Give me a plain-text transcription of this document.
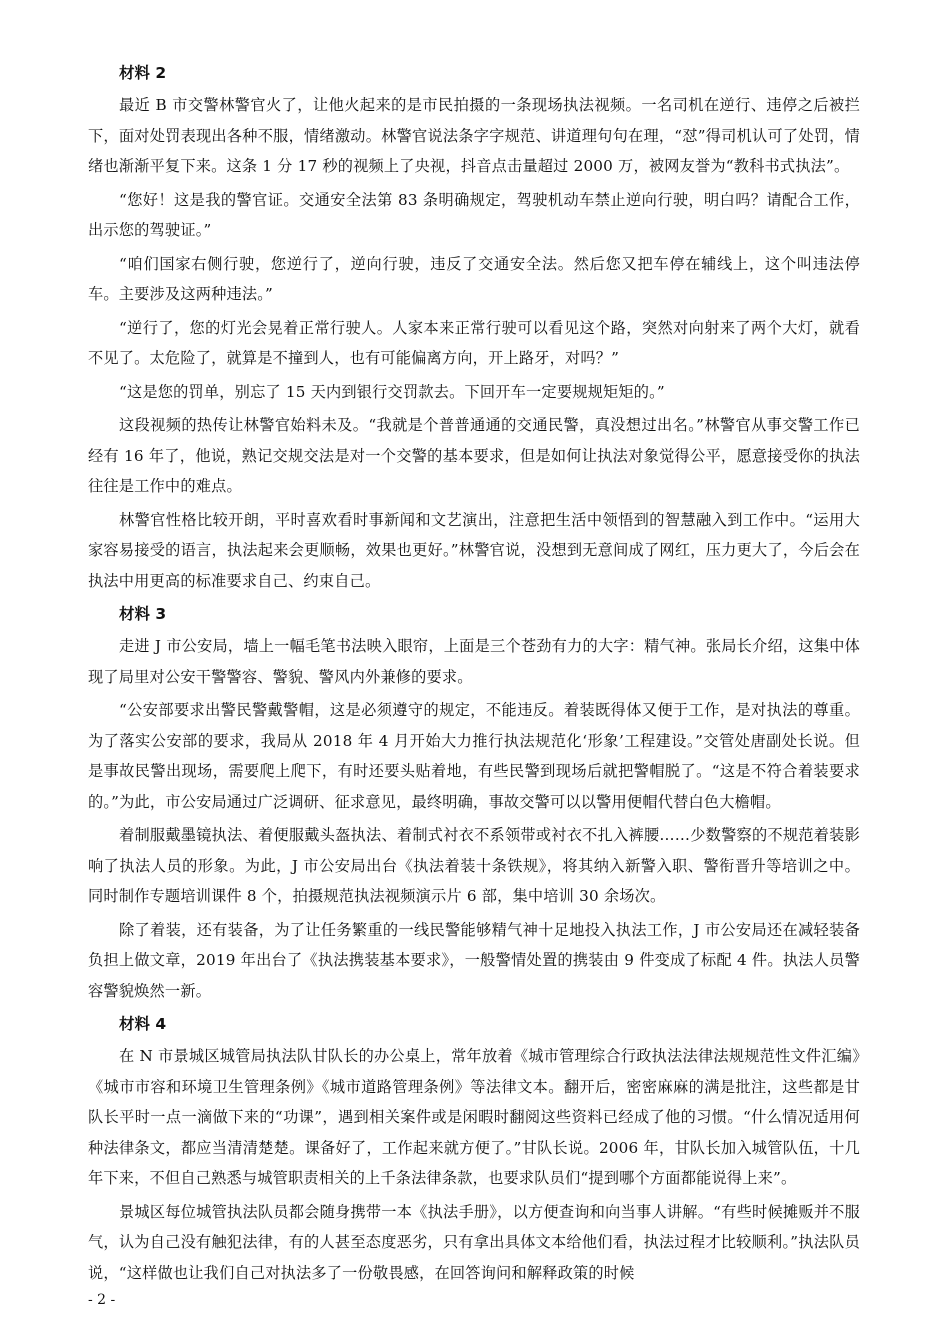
材料 2

最近 B 市交警林警官火了，让他火起来的是市民拍摄的一条现场执法视频。一名司机在逆行、违停之后被拦下，面对处罚表现出各种不服，情绪激动。林警官说法条字字规范、讲道理句句在理，“怼”得司机认可了处罚，情绪也渐渐平复下来。这条 1 分 17 秒的视频上了央视，抖音点击量超过 2000 万，被网友誉为“教科书式执法”。

“您好！这是我的警官证。交通安全法第 83 条明确规定，驾驶机动车禁止逆向行驶，明白吗？请配合工作，出示您的驾驶证。”

“咱们国家右侧行驶，您逆行了，逆向行驶，违反了交通安全法。然后您又把车停在辅线上，这个叫违法停车。主要涉及这两种违法。”

“逆行了，您的灯光会晃着正常行驶人。人家本来正常行驶可以看见这个路，突然对向射来了两个大灯，就看不见了。太危险了，就算是不撞到人，也有可能偏离方向，开上路牙，对吗？”

“这是您的罚单，别忘了 15 天内到银行交罚款去。下回开车一定要规规矩矩的。”

这段视频的热传让林警官始料未及。“我就是个普普通通的交通民警，真没想过出名。”林警官从事交警工作已经有 16 年了，他说，熟记交规交法是对一个交警的基本要求，但是如何让执法对象觉得公平，愿意接受你的执法往往是工作中的难点。

林警官性格比较开朗，平时喜欢看时事新闻和文艺演出，注意把生活中领悟到的智慧融入到工作中。“运用大家容易接受的语言，执法起来会更顺畅，效果也更好。”林警官说，没想到无意间成了网红，压力更大了，今后会在执法中用更高的标准要求自己、约束自己。

材料 3

走进 J 市公安局，墙上一幅毛笔书法映入眼帘，上面是三个苍劲有力的大字：精气神。张局长介绍，这集中体现了局里对公安干警警容、警貌、警风内外兼修的要求。

“公安部要求出警民警戴警帽，这是必须遵守的规定，不能违反。着装既得体又便于工作，是对执法的尊重。为了落实公安部的要求，我局从 2018 年 4 月开始大力推行执法规范化‘形象’工程建设。”交管处唐副处长说。但是事故民警出现场，需要爬上爬下，有时还要头贴着地，有些民警到现场后就把警帽脱了。“这是不符合着装要求的。”为此，市公安局通过广泛调研、征求意见，最终明确，事故交警可以以警用便帽代替白色大檐帽。

着制服戴墨镜执法、着便服戴头盔执法、着制式衬衣不系领带或衬衣不扎入裤腰……少数警察的不规范着装影响了执法人员的形象。为此，J 市公安局出台《执法着装十条铁规》，将其纳入新警入职、警衔晋升等培训之中。同时制作专题培训课件 8 个，拍摄规范执法视频演示片 6 部，集中培训 30 余场次。

除了着装，还有装备，为了让任务繁重的一线民警能够精气神十足地投入执法工作，J 市公安局还在减轻装备负担上做文章，2019 年出台了《执法携装基本要求》，一般警情处置的携装由 9 件变成了标配 4 件。执法人员警容警貌焕然一新。

材料 4

在 N 市景城区城管局执法队甘队长的办公桌上，常年放着《城市管理综合行政执法法律法规规范性文件汇编》《城市市容和环境卫生管理条例》《城市道路管理条例》等法律文本。翻开后，密密麻麻的满是批注，这些都是甘队长平时一点一滴做下来的“功课”，遇到相关案件或是闲暇时翻阅这些资料已经成了他的习惯。“什么情况适用何种法律条文，都应当清清楚楚。课备好了，工作起来就方便了。”甘队长说。2006 年，甘队长加入城管队伍，十几年下来，不但自己熟悉与城管职责相关的上千条法律条款，也要求队员们“提到哪个方面都能说得上来”。

景城区每位城管执法队员都会随身携带一本《执法手册》，以方便查询和向当事人讲解。“有些时候摊贩并不服气，认为自己没有触犯法律，有的人甚至态度恶劣，只有拿出具体文本给他们看，执法过程才比较顺利。”执法队员说，“这样做也让我们自己对执法多了一份敬畏感，在回答询问和解释政策的时候

- 2 -
